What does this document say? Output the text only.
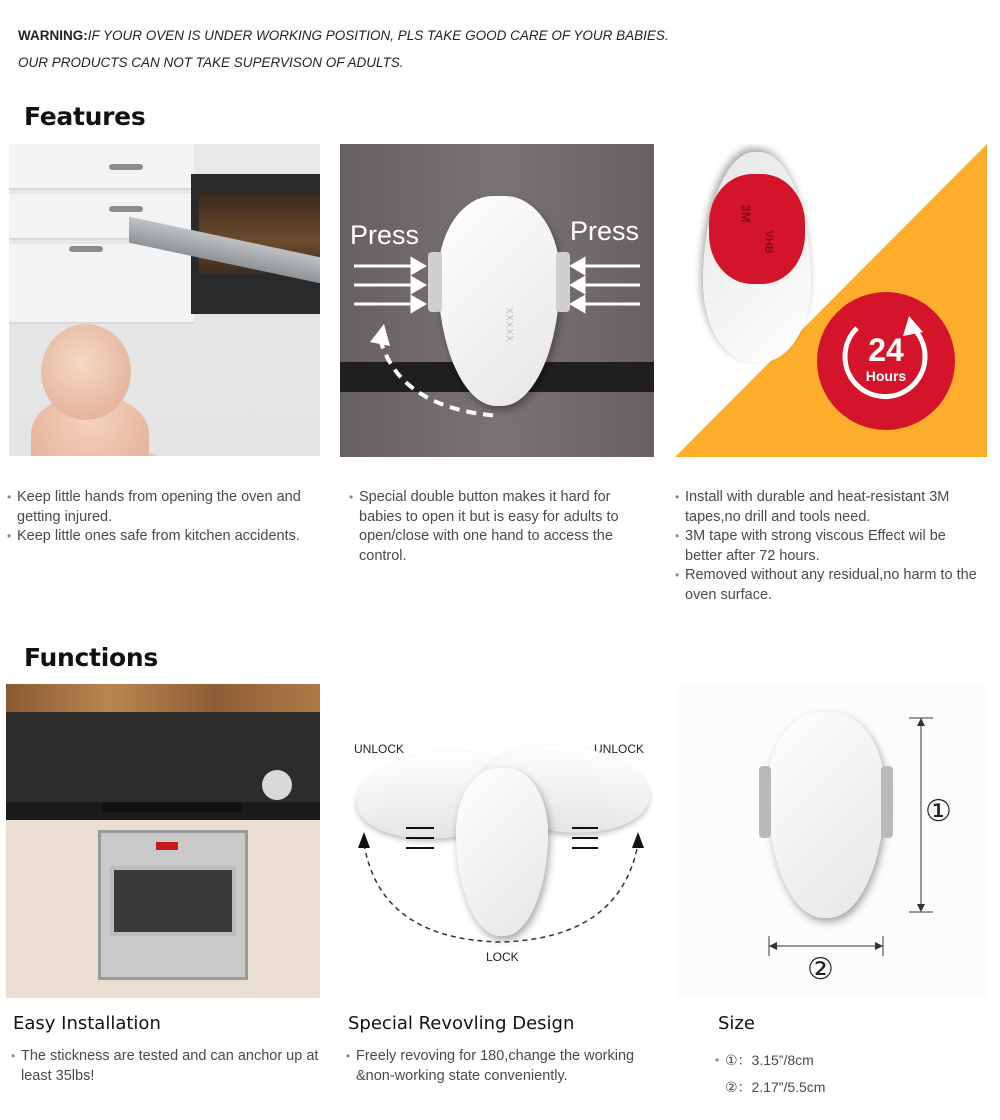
WARNING:IF YOUR OVEN IS UNDER WORKING POSITION, PLS TAKE GOOD CARE OF YOUR BABIES.
OUR PRODUCTS CAN NOT TAKE SUPERVISON OF ADULTS.
Features
Press	Press
XXXXX
3M
VHB
24
Hours
• Keep little hands from opening the oven and getting injured.
• Keep little ones safe from kitchen accidents.
• Special double button makes it hard for babies to open it but is easy for adults to open/close with one hand to access the control.
• Install with durable and heat-resistant 3M tapes,no drill and tools need.
• 3M tape with strong viscous Effect wil be better after 72 hours.
• Removed without any residual,no harm to the oven surface.
Functions
UNLOCK	UNLOCK
LOCK
①
②
Easy Installation
• The stickness are tested and can anchor up at least 35lbs!
Special Revovling Design
• Freely revoving for 180,change the working &non-working state conveniently.
Size
• ①：3.15”/8cm
②：2.17”/5.5cm
